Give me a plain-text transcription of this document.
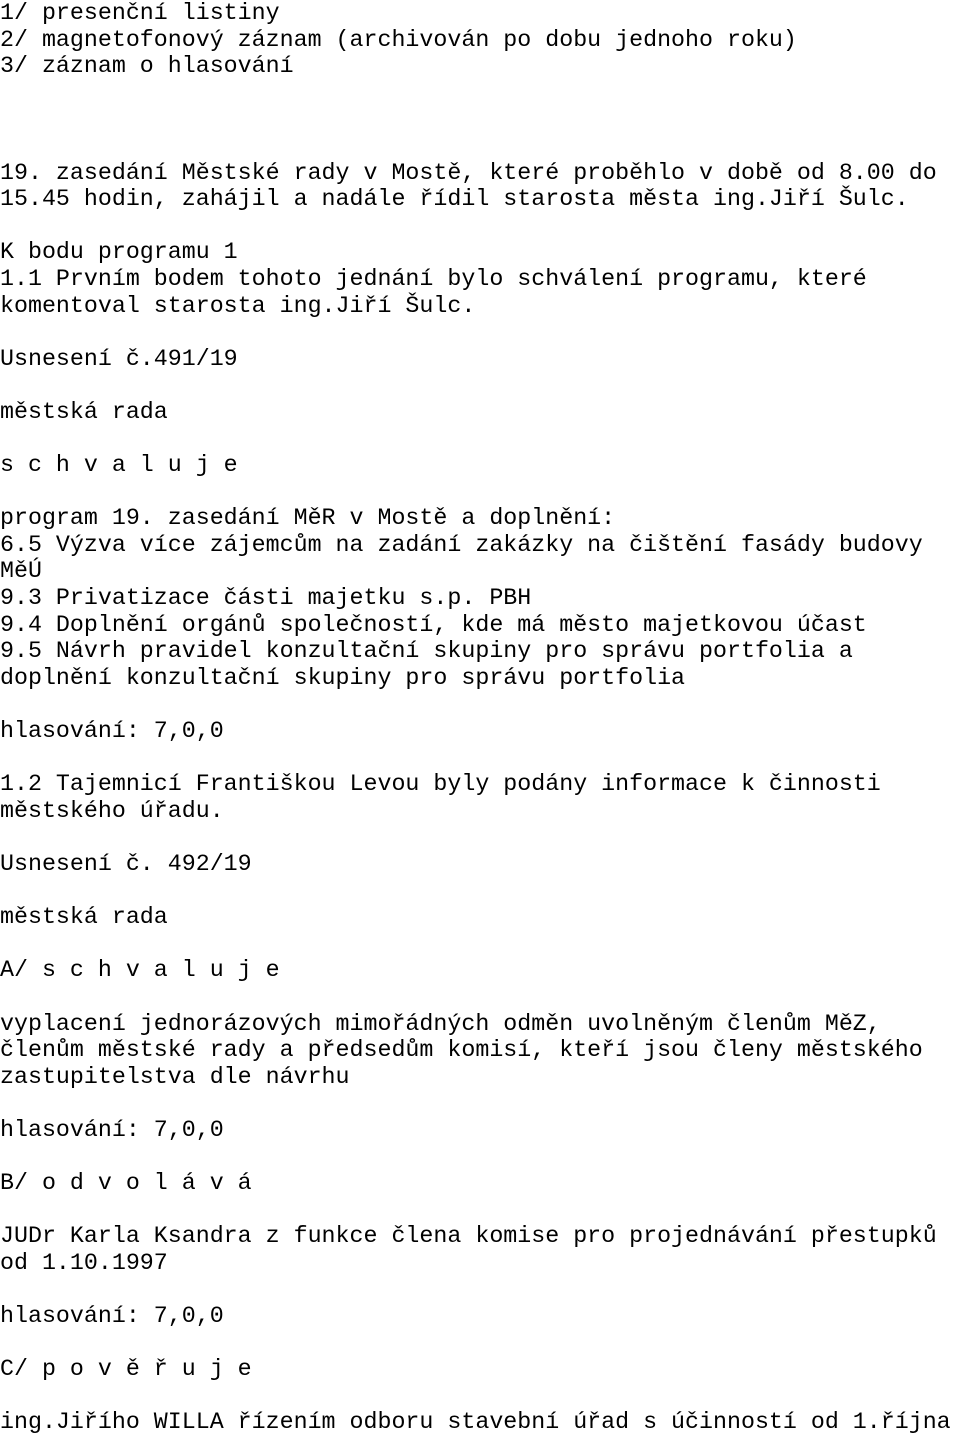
1/ presenční listiny
2/ magnetofonový záznam (archivován po dobu jednoho roku)
3/ záznam o hlasování
19. zasedání Městské rady v Mostě, které proběhlo v době od 8.00 do
15.45 hodin, zahájil a nadále řídil starosta města ing.Jiří Šulc.
K bodu programu 1
1.1 Prvním bodem tohoto jednání bylo schválení programu, které
komentoval starosta ing.Jiří Šulc.
Usnesení č.491/19
městská rada
s c h v a l u j e
program 19. zasedání MěR v Mostě a doplnění:
6.5 Výzva více zájemcům na zadání zakázky na čištění fasády budovy
MěÚ
9.3 Privatizace části majetku s.p. PBH
9.4 Doplnění orgánů společností, kde má město majetkovou účast
9.5 Návrh pravidel konzultační skupiny pro správu portfolia a
doplnění konzultační skupiny pro správu portfolia
hlasování: 7,0,0
1.2 Tajemnicí Františkou Levou byly podány informace k činnosti
městského úřadu.
Usnesení č. 492/19
městská rada
A/ s c h v a l u j e
vyplacení jednorázových mimořádných odměn uvolněným členům MěZ,
členům městské rady a předsedům komisí, kteří jsou členy městského
zastupitelstva dle návrhu
hlasování: 7,0,0
B/ o d v o l á v á
JUDr Karla Ksandra z funkce člena komise pro projednávání přestupků
od 1.10.1997
hlasování: 7,0,0
C/ p o v ě ř u j e
ing.Jiřího WILLA řízením odboru stavební úřad s účinností od 1.října
